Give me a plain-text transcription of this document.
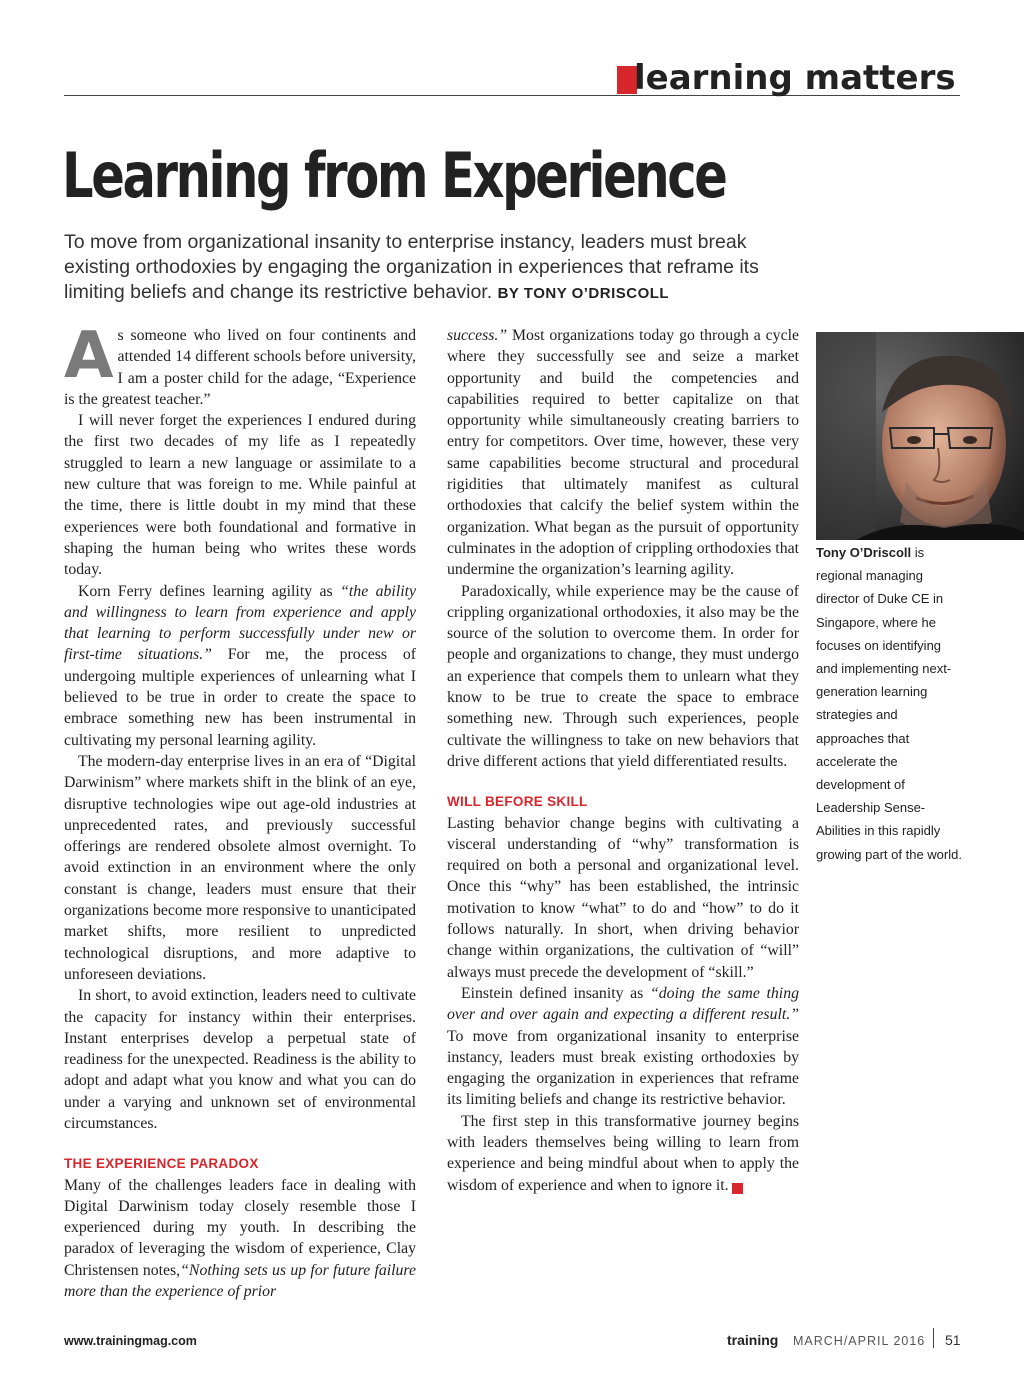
learning matters
Learning from Experience
To move from organizational insanity to enterprise instancy, leaders must break existing orthodoxies by engaging the organization in experiences that reframe its limiting beliefs and change its restrictive behavior. BY TONY O’DRISCOLL

As someone who lived on four continents and attended 14 different schools before university, I am a poster child for the adage, “Experience is the greatest teacher.”

I will never forget the experiences I endured during the first two decades of my life as I repeatedly struggled to learn a new language or assimilate to a new culture that was foreign to me. While painful at the time, there is little doubt in my mind that these experiences were both foundational and formative in shaping the human being who writes these words today.

Korn Ferry defines learning agility as “the ability and willingness to learn from experience and apply that learning to perform successfully under new or first-time situations.” For me, the process of undergoing multiple experiences of unlearning what I believed to be true in order to create the space to embrace something new has been instrumental in cultivating my personal learning agility.

The modern-day enterprise lives in an era of “Digital Darwinism” where markets shift in the blink of an eye, disruptive technologies wipe out age-old industries at unprecedented rates, and previously successful offerings are rendered obsolete almost overnight. To avoid extinction in an environment where the only constant is change, leaders must ensure that their organizations become more responsive to unanticipated market shifts, more resilient to unpredicted technological disruptions, and more adaptive to unforeseen deviations.

In short, to avoid extinction, leaders need to cultivate the capacity for instancy within their enterprises. Instant enterprises develop a perpetual state of readiness for the unexpected. Readiness is the ability to adopt and adapt what you know and what you can do under a varying and unknown set of environmental circumstances.

THE EXPERIENCE PARADOX

Many of the challenges leaders face in dealing with Digital Darwinism today closely resemble those I experienced during my youth. In describing the paradox of leveraging the wisdom of experience, Clay Christensen notes,“Nothing sets us up for future failure more than the experience of prior

success.” Most organizations today go through a cycle where they successfully see and seize a market opportunity and build the competencies and capabilities required to better capitalize on that opportunity while simultaneously creating barriers to entry for competitors. Over time, however, these very same capabilities become structural and procedural rigidities that ultimately manifest as cultural orthodoxies that calcify the belief system within the organization. What began as the pursuit of opportunity culminates in the adoption of crippling orthodoxies that undermine the organization’s learning agility.

Paradoxically, while experience may be the cause of crippling organizational orthodoxies, it also may be the source of the solution to overcome them. In order for people and organizations to change, they must undergo an experience that compels them to unlearn what they know to be true to create the space to embrace something new. Through such experiences, people cultivate the willingness to take on new behaviors that drive different actions that yield differentiated results.

WILL BEFORE SKILL

Lasting behavior change begins with cultivating a visceral understanding of “why” transformation is required on both a personal and organizational level. Once this “why” has been established, the intrinsic motivation to know “what” to do and “how” to do it follows naturally. In short, when driving behavior change within organizations, the cultivation of “will” always must precede the development of “skill.”

Einstein defined insanity as “doing the same thing over and over again and expecting a different result.” To move from organizational insanity to enterprise instancy, leaders must break existing orthodoxies by engaging the organization in experiences that reframe its limiting beliefs and change its restrictive behavior.

The first step in this transformative journey begins with leaders themselves being willing to learn from experience and being mindful about when to apply the wisdom of experience and when to ignore it. t

Tony O’Driscoll is regional managing director of Duke CE in Singapore, where he focuses on identifying and implementing next-generation learning strategies and approaches that accelerate the development of Leadership Sense-Abilities in this rapidly growing part of the world.
www.trainingmag.com	training MARCH/APRIL 2016 51
